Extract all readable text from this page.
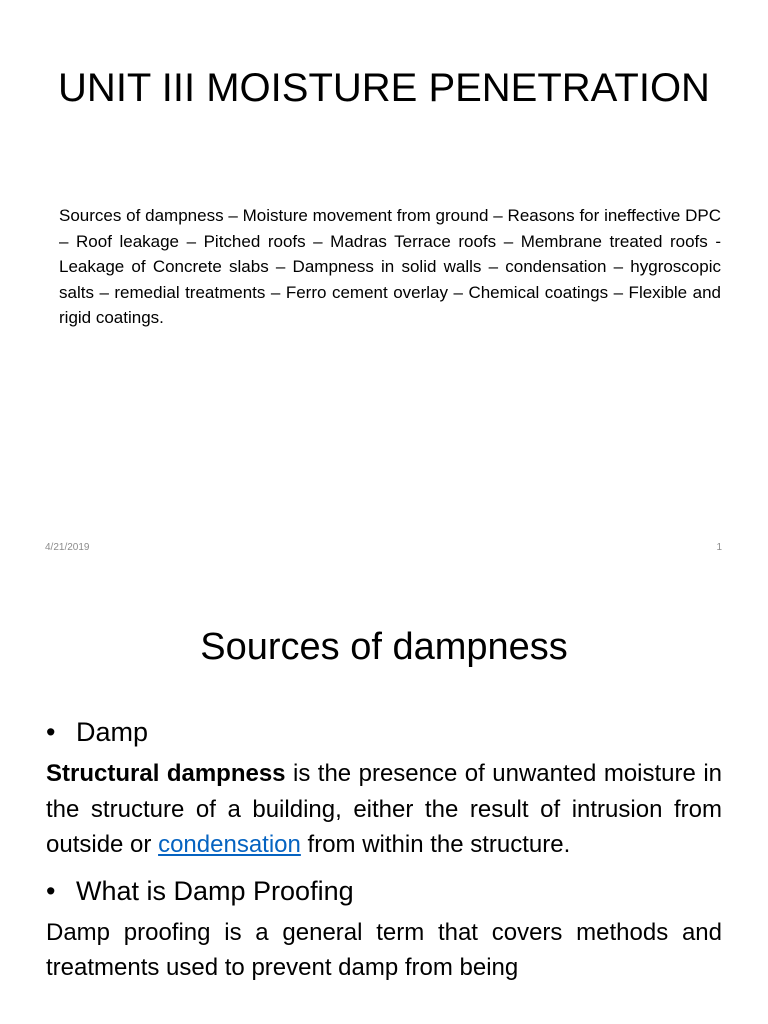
UNIT III MOISTURE PENETRATION

Sources of dampness – Moisture movement from ground – Reasons for ineffective DPC – Roof leakage – Pitched roofs – Madras Terrace roofs – Membrane treated roofs - Leakage of Concrete slabs – Dampness in solid walls – condensation – hygroscopic salts – remedial treatments – Ferro cement overlay – Chemical coatings – Flexible and rigid coatings.

4/21/2019	1
Sources of dampness
• Damp

Structural dampness is the presence of unwanted moisture in the structure of a building, either the result of intrusion from outside or condensation from within the structure.

• What is Damp Proofing

Damp proofing is a general term that covers methods and treatments used to prevent damp from being
